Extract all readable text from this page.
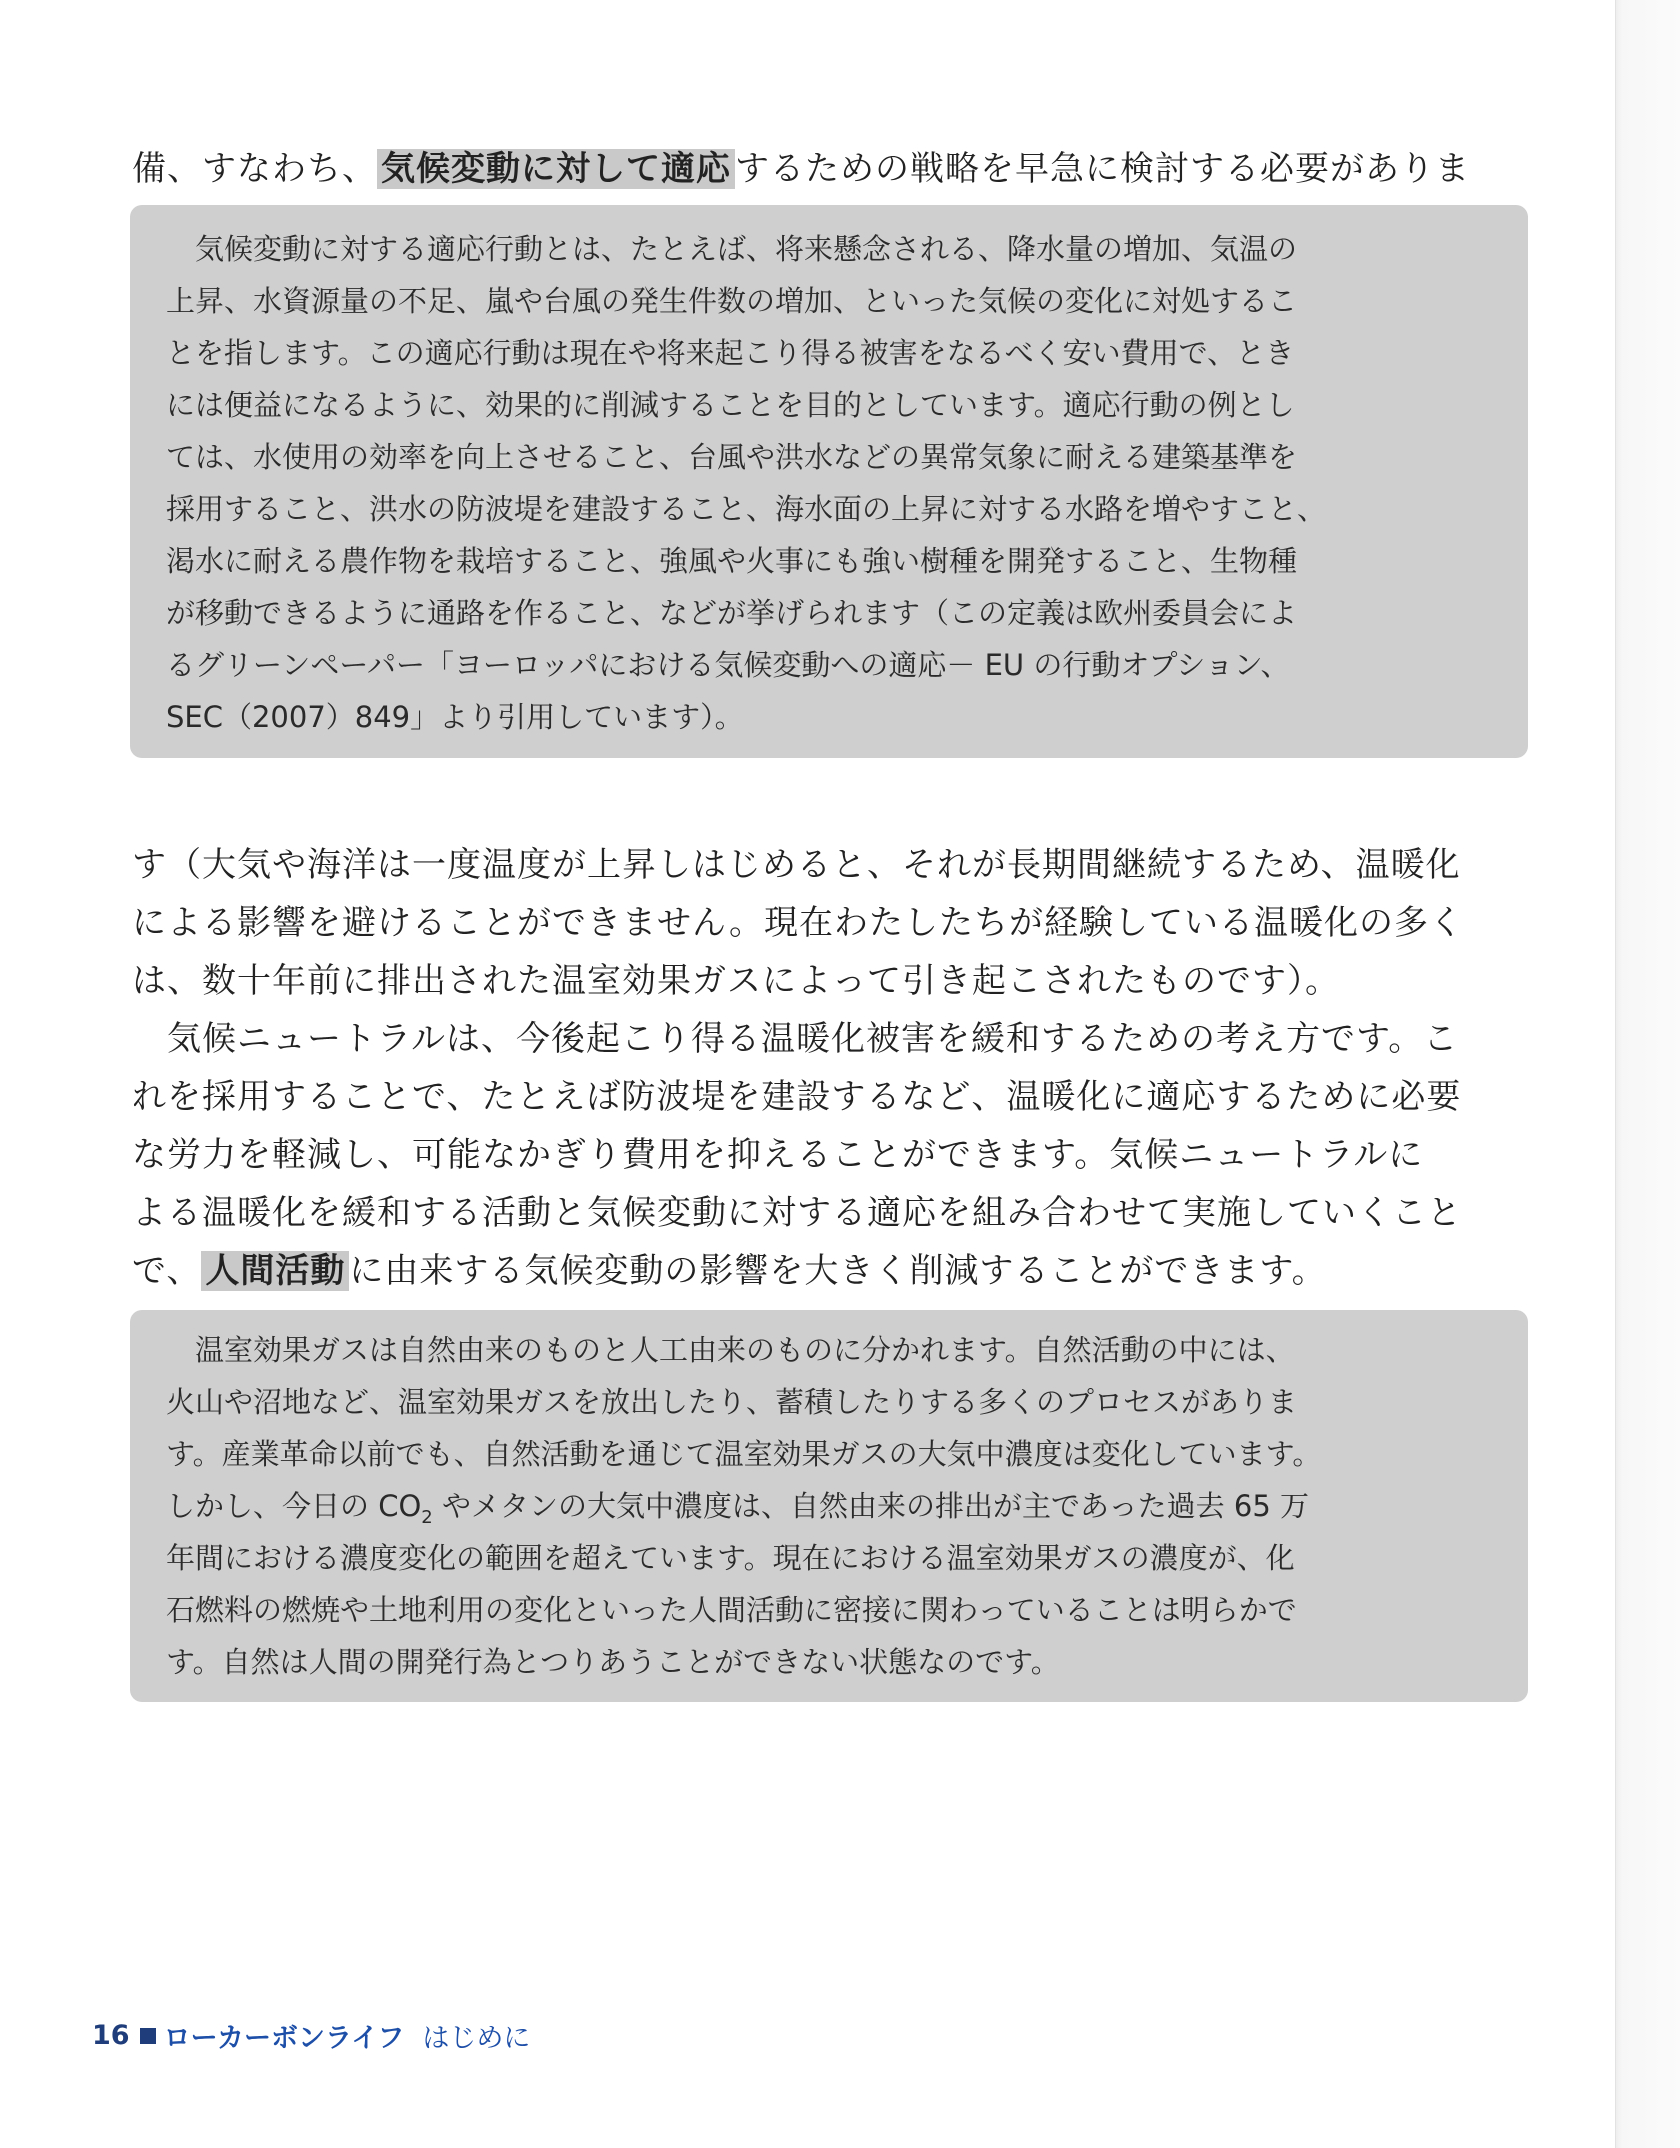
備、すなわち、 気候変動に対して適応 するための戦略を早急に検討する必要がありま
　気候変動に対する適応行動とは、たとえば、将来懸念される、降水量の増加、気温の
上昇、水資源量の不足、嵐や台風の発生件数の増加、といった気候の変化に対処するこ
とを指します。この適応行動は現在や将来起こり得る被害をなるべく安い費用で、とき
には便益になるように、効果的に削減することを目的としています。適応行動の例とし
ては、水使用の効率を向上させること、台風や洪水などの異常気象に耐える建築基準を
採用すること、洪水の防波堤を建設すること、海水面の上昇に対する水路を増やすこと、
渇水に耐える農作物を栽培すること、強風や火事にも強い樹種を開発すること、生物種
が移動できるように通路を作ること、などが挙げられます（この定義は欧州委員会によ
るグリーンペーパー「ヨーロッパにおける気候変動への適応－ EU の行動オプション、
SEC（2007）849」より引用しています）。
す（大気や海洋は一度温度が上昇しはじめると、それが長期間継続するため、温暖化
による影響を避けることができません。現在わたしたちが経験している温暖化の多く
は、数十年前に排出された温室効果ガスによって引き起こされたものです）。
　気候ニュートラルは、今後起こり得る温暖化被害を緩和するための考え方です。こ
れを採用することで、たとえば防波堤を建設するなど、温暖化に適応するために必要
な労力を軽減し、可能なかぎり費用を抑えることができます。気候ニュートラルに
よる温暖化を緩和する活動と気候変動に対する適応を組み合わせて実施していくこと
で、 人間活動 に由来する気候変動の影響を大きく削減することができます。
　温室効果ガスは自然由来のものと人工由来のものに分かれます。自然活動の中には、
火山や沼地など、温室効果ガスを放出したり、蓄積したりする多くのプロセスがありま
す。産業革命以前でも、自然活動を通じて温室効果ガスの大気中濃度は変化しています。
しかし、今日の $CO_2$ やメタンの大気中濃度は、自然由来の排出が主であった過去 65 万
年間における濃度変化の範囲を超えています。現在における温室効果ガスの濃度が、化
石燃料の燃焼や土地利用の変化といった人間活動に密接に関わっていることは明らかで
す。自然は人間の開発行為とつりあうことができない状態なのです。
16 ローカーボンライフ はじめに
